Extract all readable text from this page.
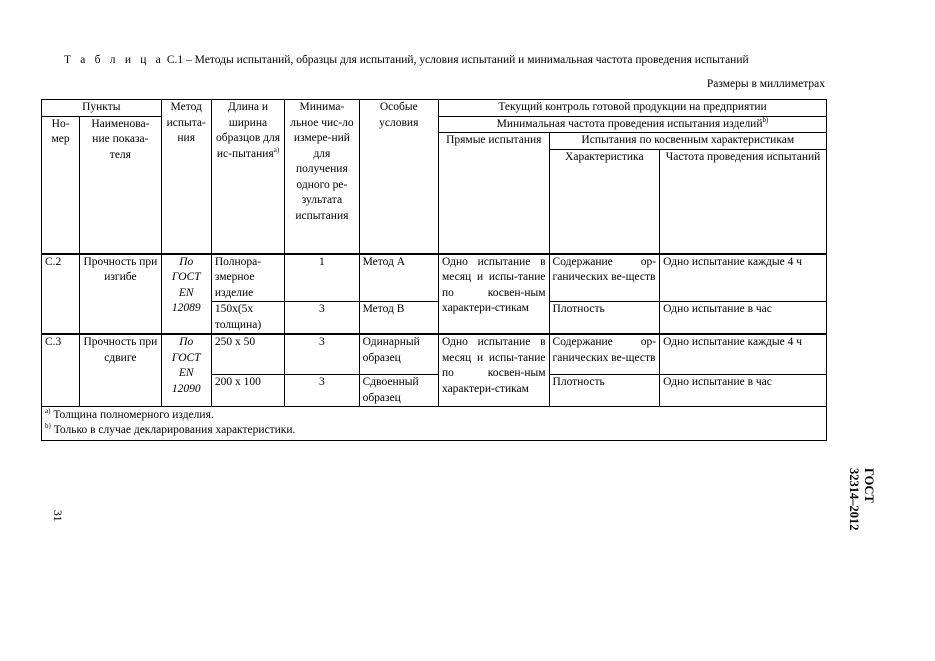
Т а б л и ц а С.1 – Методы испытаний, образцы для испытаний, условия испытаний и минимальная частота проведения испытаний
Размеры в миллиметрах
Пункты		Метод испыта-ния	Длина и ширина образцов для ис-пытания$^{а)}$	Минима-льное чис-ло измере-ний для получения одного ре-зультата испытания	Особые условия	Текущий контроль готовой продукции на предприятии		
Но-мер	Наименова-ние показа-теля					Минимальная частота проведения испытания изделий$^{b)}$
						Прямые испытания	Испытания по косвенным характеристикам	
							Характеристика	Частота проведения испытаний
С.2	Прочность при изгибе	По ГОСТ EN 12089	Полнора-змерное изделие	1	Метод А	Одно испытание в месяц и испы-тание по косвен-ным характери-стикам	Содержание ор-ганических ве-ществ	Одно испытание каждые 4 ч
			150x(5x толщина)	3	Метод В		Плотность	Одно испытание в час
С.3	Прочность при сдвиге	По ГОСТ EN 12090	250 x 50	3	Одинарный образец	Одно испытание в месяц и испы-тание по косвен-ным характери-стикам	Содержание ор-ганических ве-ществ	Одно испытание каждые 4 ч
			200 x 100	3	Сдвоенный образец		Плотность	Одно испытание в час

$^{а)}$ Толщина полномерного изделия.
$^{b)}$ Только в случае декларирования характеристики.								
ГОСТ
32314–2012
31
